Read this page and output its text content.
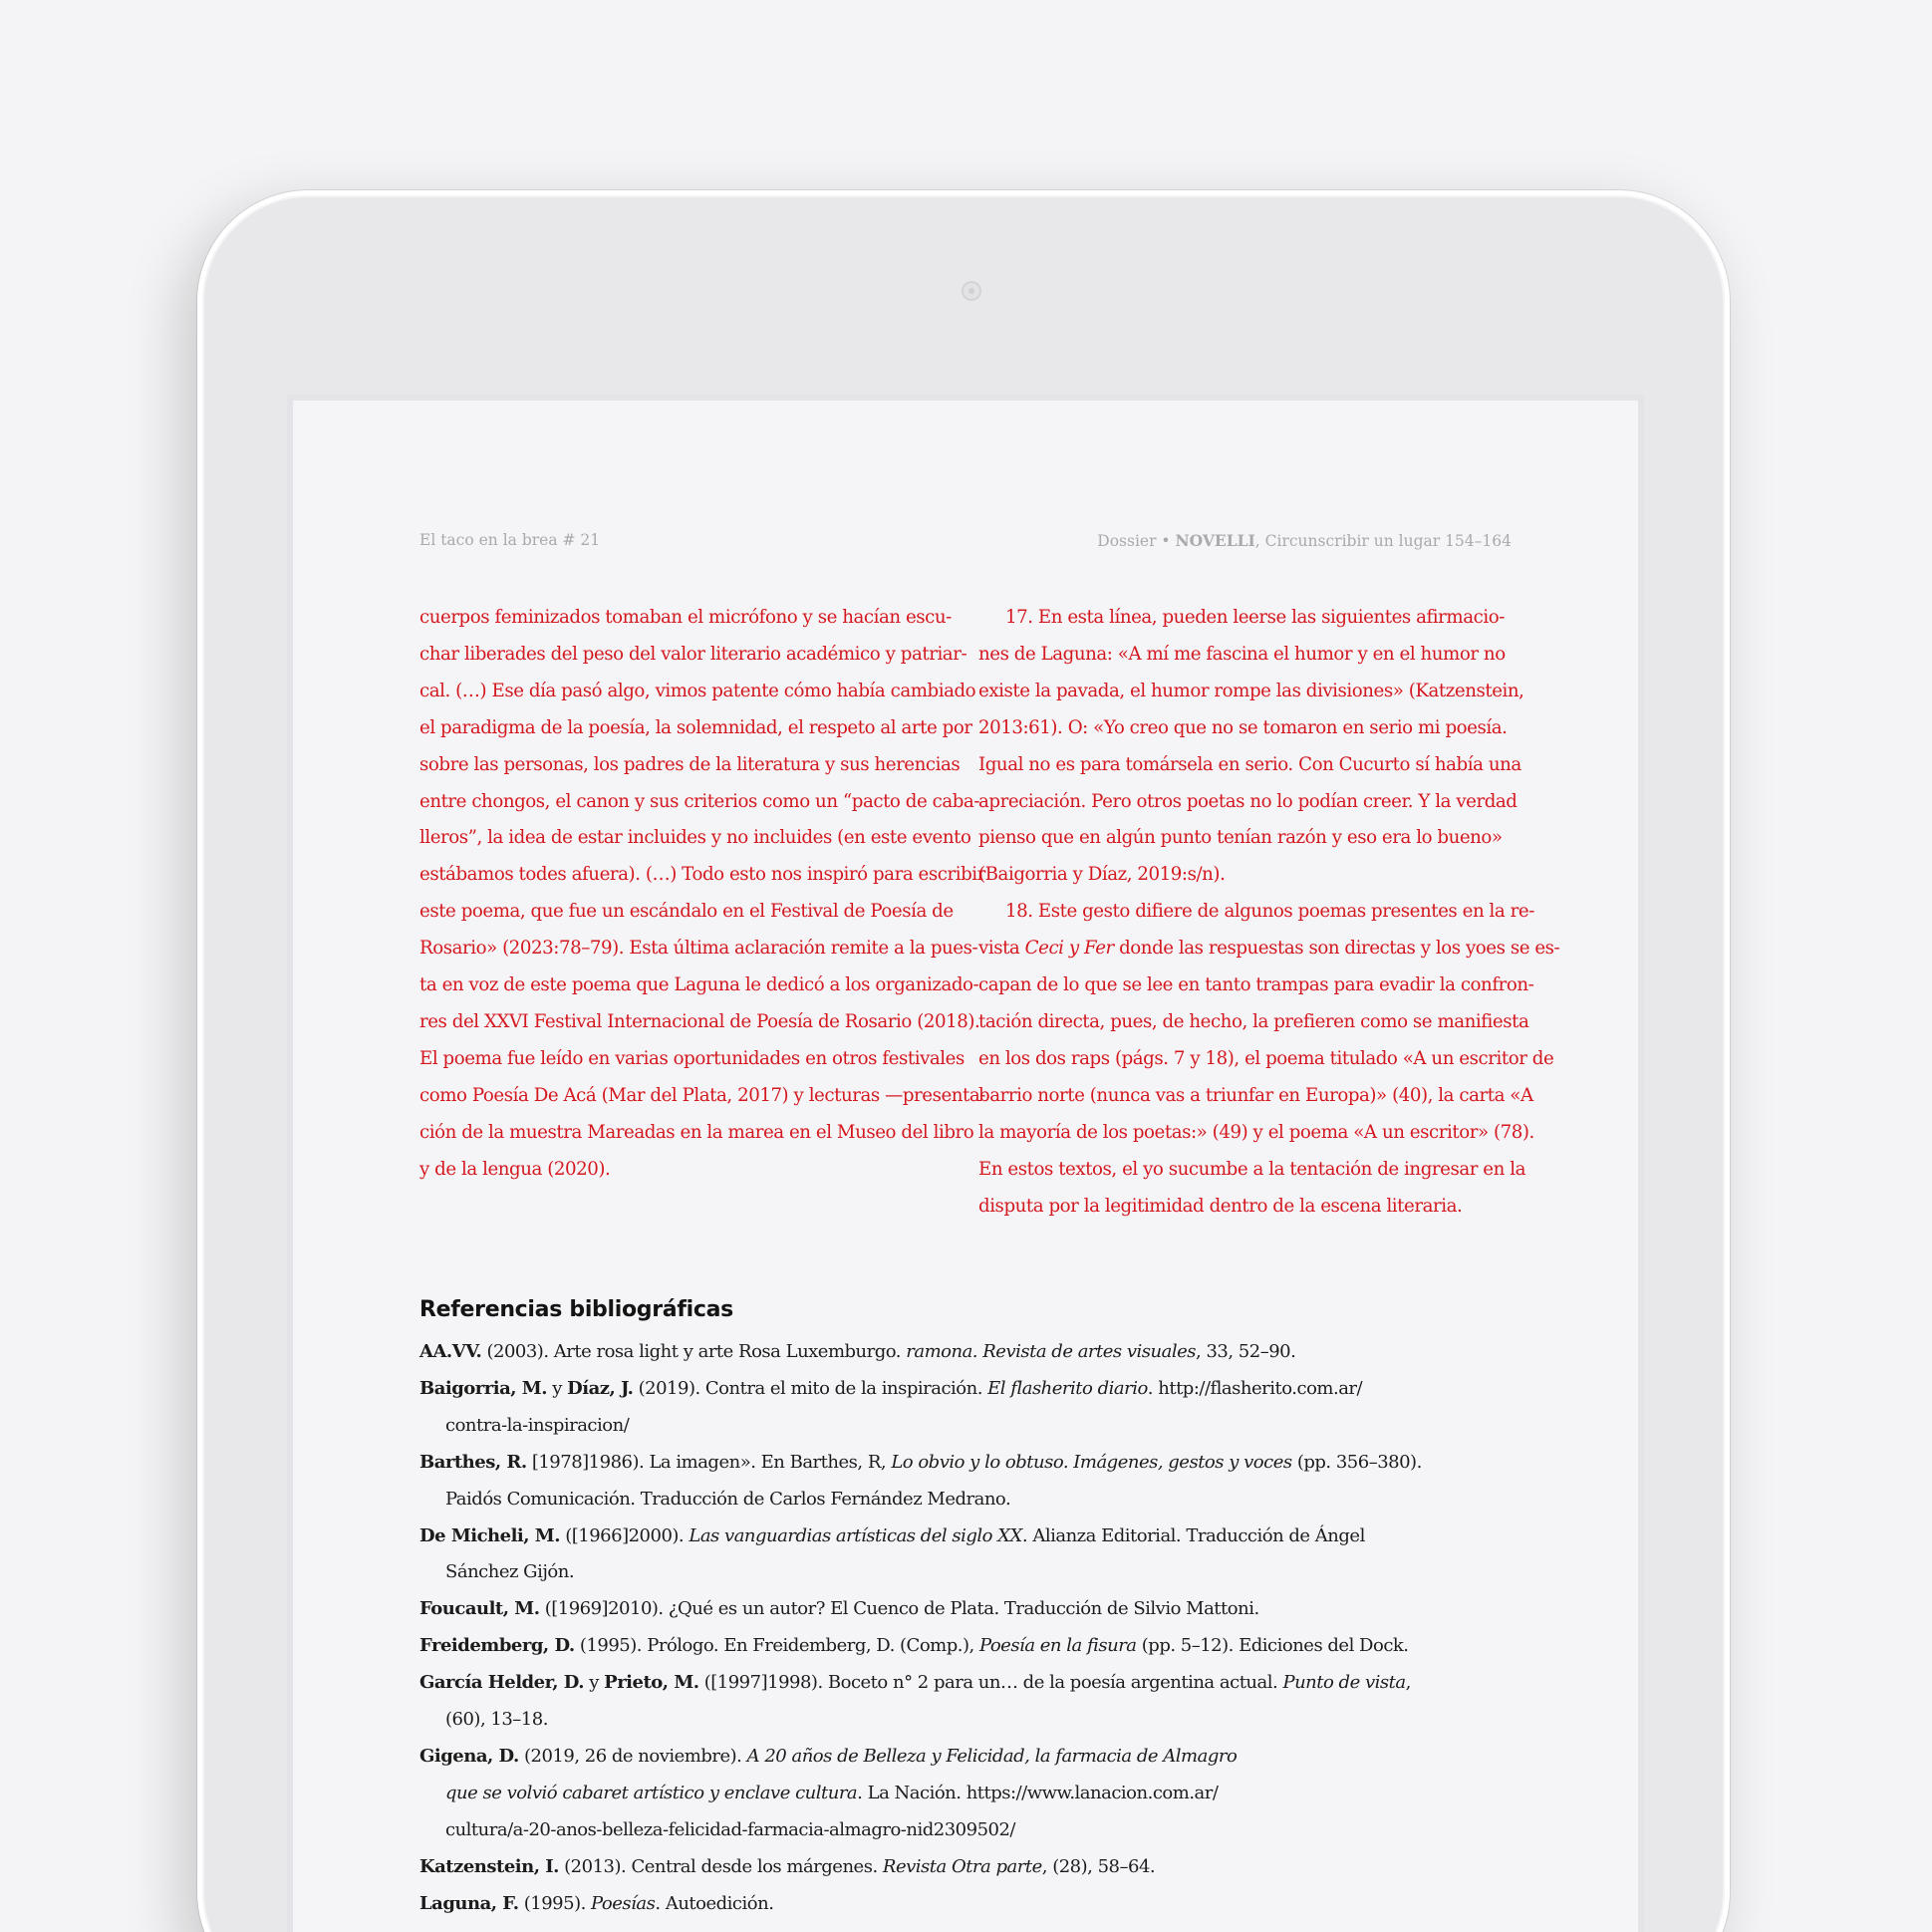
El taco en la brea # 21	Dossier • NOVELLI, Circunscribir un lugar 154–164
cuerpos feminizados tomaban el micrófono y se hacían escu-
char liberades del peso del valor literario académico y patriar-
cal. (…) Ese día pasó algo, vimos patente cómo había cambiado
el paradigma de la poesía, la solemnidad, el respeto al arte por
sobre las personas, los padres de la literatura y sus herencias
entre chongos, el canon y sus criterios como un “pacto de caba-
lleros”, la idea de estar incluides y no incluides (en este evento
estábamos todes afuera). (…) Todo esto nos inspiró para escribir
este poema, que fue un escándalo en el Festival de Poesía de
Rosario» (2023:78–79). Esta última aclaración remite a la pues-
ta en voz de este poema que Laguna le dedicó a los organizado-
res del XXVI Festival Internacional de Poesía de Rosario (2018).
El poema fue leído en varias oportunidades en otros festivales
como Poesía De Acá (Mar del Plata, 2017) y lecturas —presenta-
ción de la muestra Mareadas en la marea en el Museo del libro
y de la lengua (2020).
17. En esta línea, pueden leerse las siguientes afirmacio-
nes de Laguna: «A mí me fascina el humor y en el humor no
existe la pavada, el humor rompe las divisiones» (Katzenstein,
2013:61). O: «Yo creo que no se tomaron en serio mi poesía.
Igual no es para tomársela en serio. Con Cucurto sí había una
apreciación. Pero otros poetas no lo podían creer. Y la verdad
pienso que en algún punto tenían razón y eso era lo bueno»
(Baigorria y Díaz, 2019:s/n).
18. Este gesto difiere de algunos poemas presentes en la re-
vista Ceci y Fer donde las respuestas son directas y los yoes se es-
capan de lo que se lee en tanto trampas para evadir la confron-
tación directa, pues, de hecho, la prefieren como se manifiesta
en los dos raps (págs. 7 y 18), el poema titulado «A un escritor de
barrio norte (nunca vas a triunfar en Europa)» (40), la carta «A
la mayoría de los poetas:» (49) y el poema «A un escritor» (78).
En estos textos, el yo sucumbe a la tentación de ingresar en la
disputa por la legitimidad dentro de la escena literaria.
Referencias bibliográficas
AA.VV. (2003). Arte rosa light y arte Rosa Luxemburgo. ramona. Revista de artes visuales, 33, 52–90.
Baigorria, M. y Díaz, J. (2019). Contra el mito de la inspiración. El flasherito diario. http://flasherito.com.ar/
contra-la-inspiracion/
Barthes, R. [1978]1986). La imagen». En Barthes, R, Lo obvio y lo obtuso. Imágenes, gestos y voces (pp. 356–380).
Paidós Comunicación. Traducción de Carlos Fernández Medrano.
De Micheli, M. ([1966]2000). Las vanguardias artísticas del siglo XX. Alianza Editorial. Traducción de Ángel
Sánchez Gijón.
Foucault, M. ([1969]2010). ¿Qué es un autor? El Cuenco de Plata. Traducción de Silvio Mattoni.
Freidemberg, D. (1995). Prólogo. En Freidemberg, D. (Comp.), Poesía en la fisura (pp. 5–12). Ediciones del Dock.
García Helder, D. y Prieto, M. ([1997]1998). Boceto n° 2 para un… de la poesía argentina actual. Punto de vista,
(60), 13–18.
Gigena, D. (2019, 26 de noviembre). A 20 años de Belleza y Felicidad, la farmacia de Almagro
que se volvió cabaret artístico y enclave cultura. La Nación. https://www.lanacion.com.ar/
cultura/a-20-anos-belleza-felicidad-farmacia-almagro-nid2309502/
Katzenstein, I. (2013). Central desde los márgenes. Revista Otra parte, (28), 58–64.
Laguna, F. (1995). Poesías. Autoedición.
